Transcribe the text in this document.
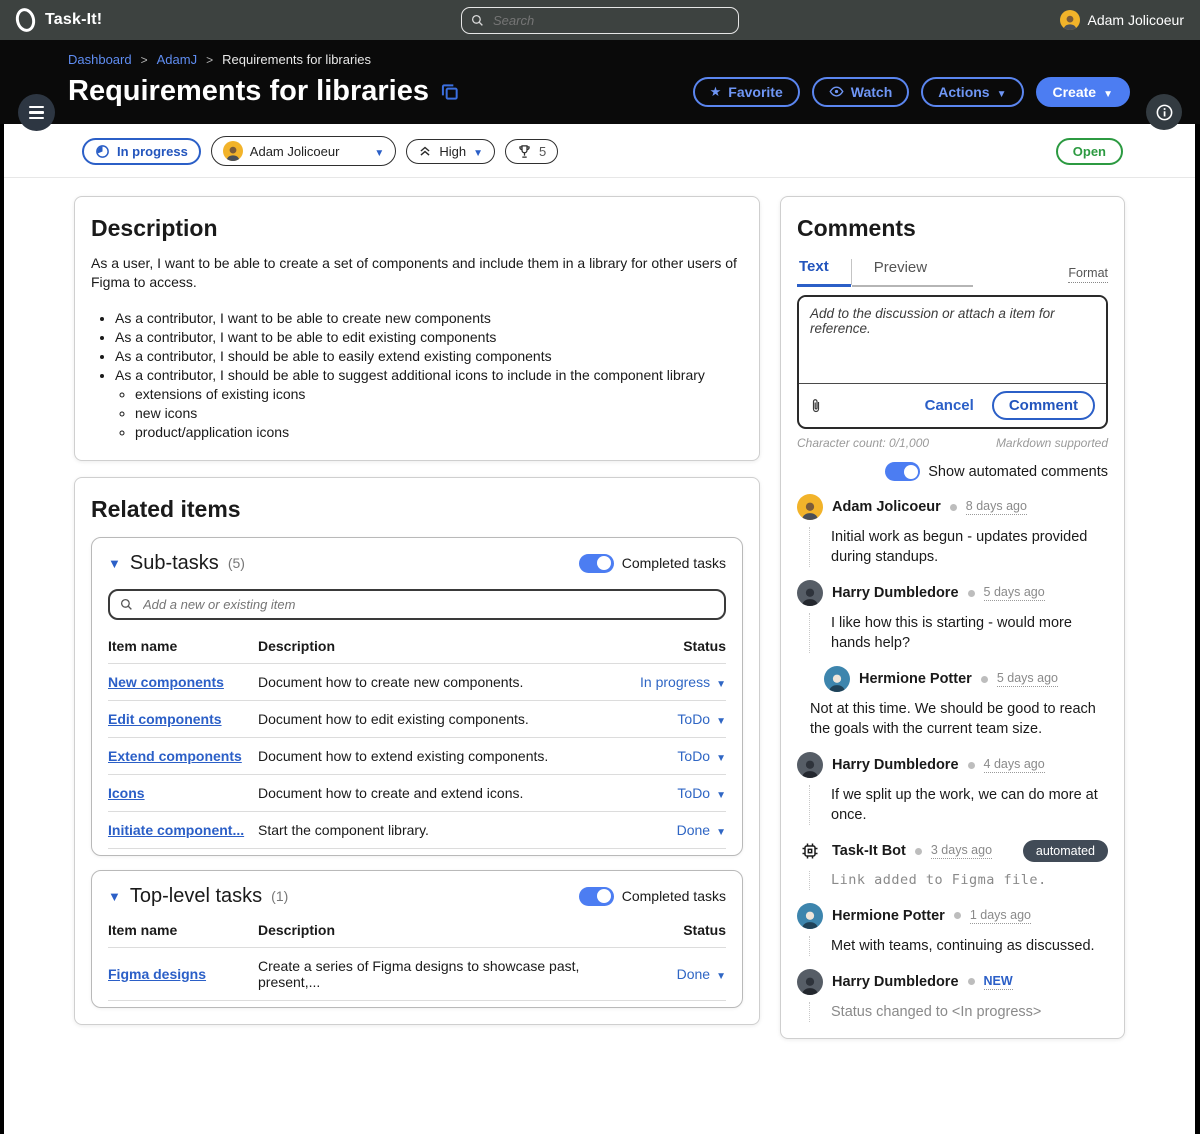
Task-It!
Search	Adam Jolicoeur
Dashboard > AdamJ > Requirements for libraries
Requirements for libraries	★ Favorite	Watch	Actions ▼	Create
▼
In progress	Adam Jolicoeur ▼	High ▼	5	Open
Description

As a user, I want to be able to create a set of components and include them in a library for other users of Figma to access.

• As a contributor, I want to be able to create new components
• As a contributor, I want to be able to edit existing components
• As a contributor, I should be able to easily extend existing components
• As a contributor, I should be able to suggest additional icons to include in the component library
◦ extensions of existing icons
◦ new icons
◦ product/application icons
Related items
▼ Sub-tasks (5)	Completed tasks
Add a new or existing item
Item name	Description	Status
New components	Document how to create new components.	In progress
▼

Edit components	Document how to edit existing components.	ToDo
▼

Extend components	Document how to extend existing components.	ToDo
▼

Icons	Document how to create and extend icons.	ToDo
▼

Initiate component...	Start the component library.	Done
▼
▼ Top-level tasks (1)	Completed tasks
Item name	Description	Status
Figma designs	Create a series of Figma designs to showcase past, present,...	Done
▼
Comments
Text	Preview	Format
Add to the discussion or attach a item for reference.
Cancel	Comment
Character count: 0/1,000	Markdown supported
Show automated comments
Adam Jolicoeur 8 days ago
Initial work as begun - updates provided during standups.
Harry Dumbledore 5 days ago
I like how this is starting - would more hands help?
Hermione Potter 5 days ago
Not at this time. We should be good to reach the goals with the current team size.
Harry Dumbledore 4 days ago
If we split up the work, we can do more at once.
Task-It Bot 3 days ago	automated
Link added to Figma file.
Hermione Potter 1 days ago
Met with teams, continuing as discussed.
Harry Dumbledore NEW
Status changed to <In progress>
